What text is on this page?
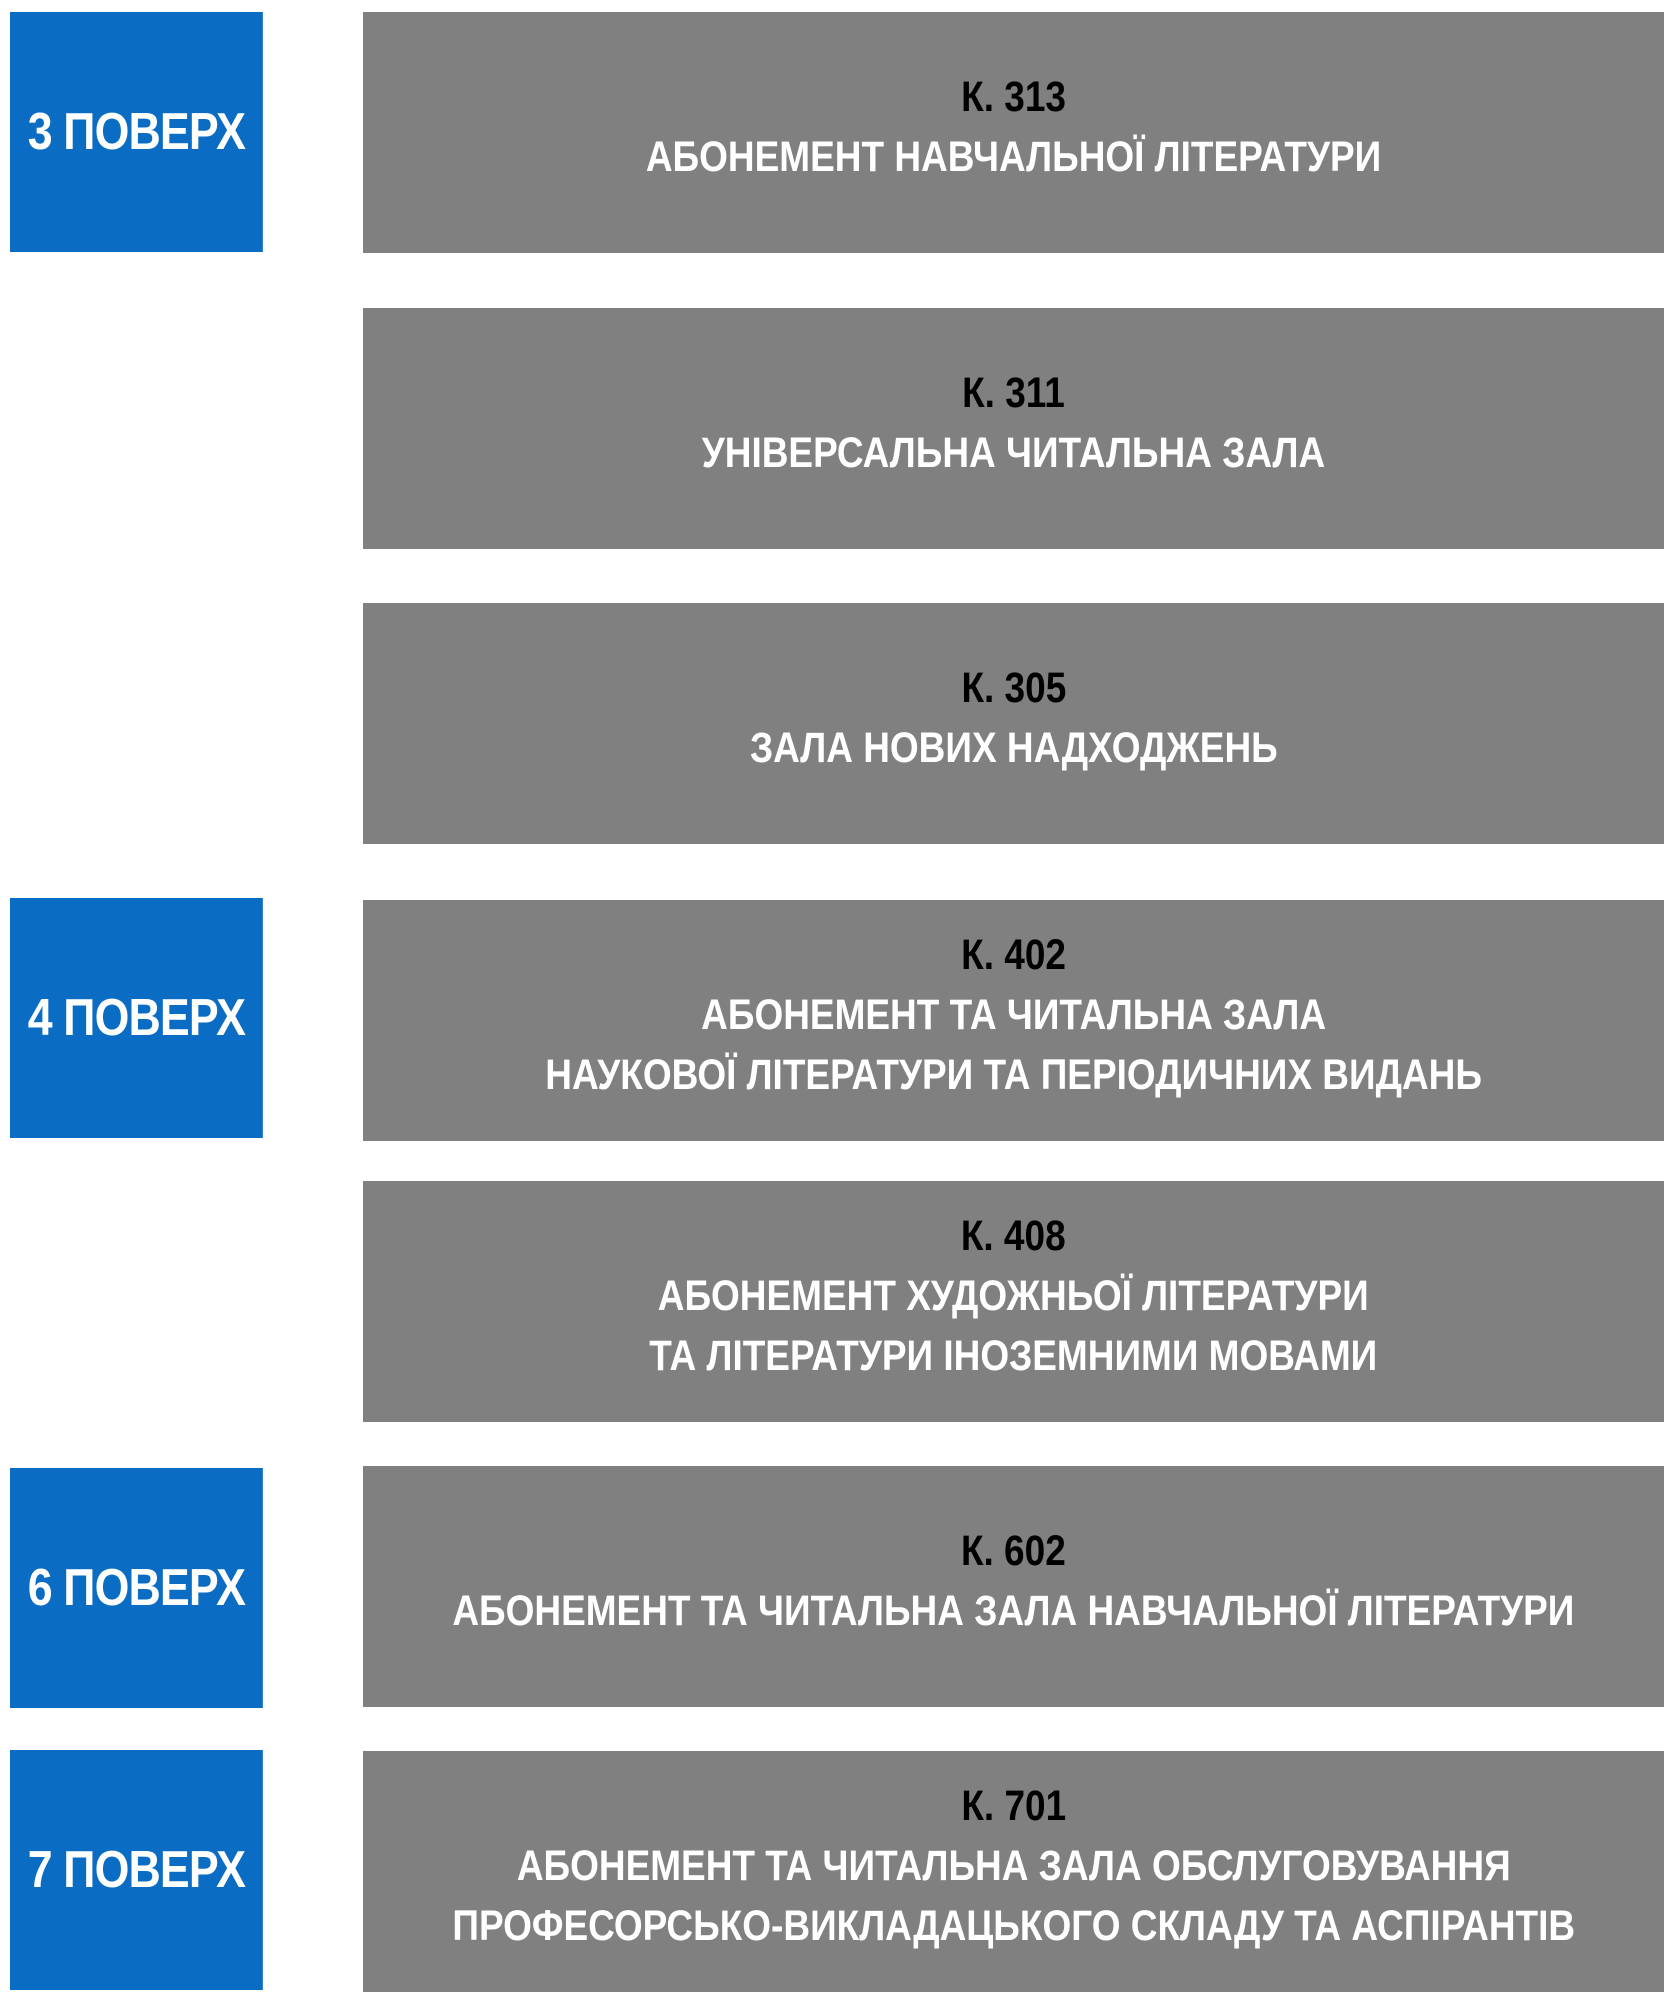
3 ПОВЕРХ
4 ПОВЕРХ
6 ПОВЕРХ
7 ПОВЕРХ
К. 313
АБОНЕМЕНТ НАВЧАЛЬНОЇ ЛІТЕРАТУРИ
К. 311
УНІВЕРСАЛЬНА ЧИТАЛЬНА ЗАЛА
К. 305
ЗАЛА НОВИХ НАДХОДЖЕНЬ
К. 402
АБОНЕМЕНТ ТА ЧИТАЛЬНА ЗАЛА
НАУКОВОЇ ЛІТЕРАТУРИ ТА ПЕРІОДИЧНИХ ВИДАНЬ
К. 408
АБОНЕМЕНТ ХУДОЖНЬОЇ ЛІТЕРАТУРИ
ТА ЛІТЕРАТУРИ ІНОЗЕМНИМИ МОВАМИ
К. 602
АБОНЕМЕНТ ТА ЧИТАЛЬНА ЗАЛА НАВЧАЛЬНОЇ ЛІТЕРАТУРИ
К. 701
АБОНЕМЕНТ ТА ЧИТАЛЬНА ЗАЛА ОБСЛУГОВУВАННЯ
ПРОФЕСОРСЬКО-ВИКЛАДАЦЬКОГО СКЛАДУ ТА АСПІРАНТІВ
